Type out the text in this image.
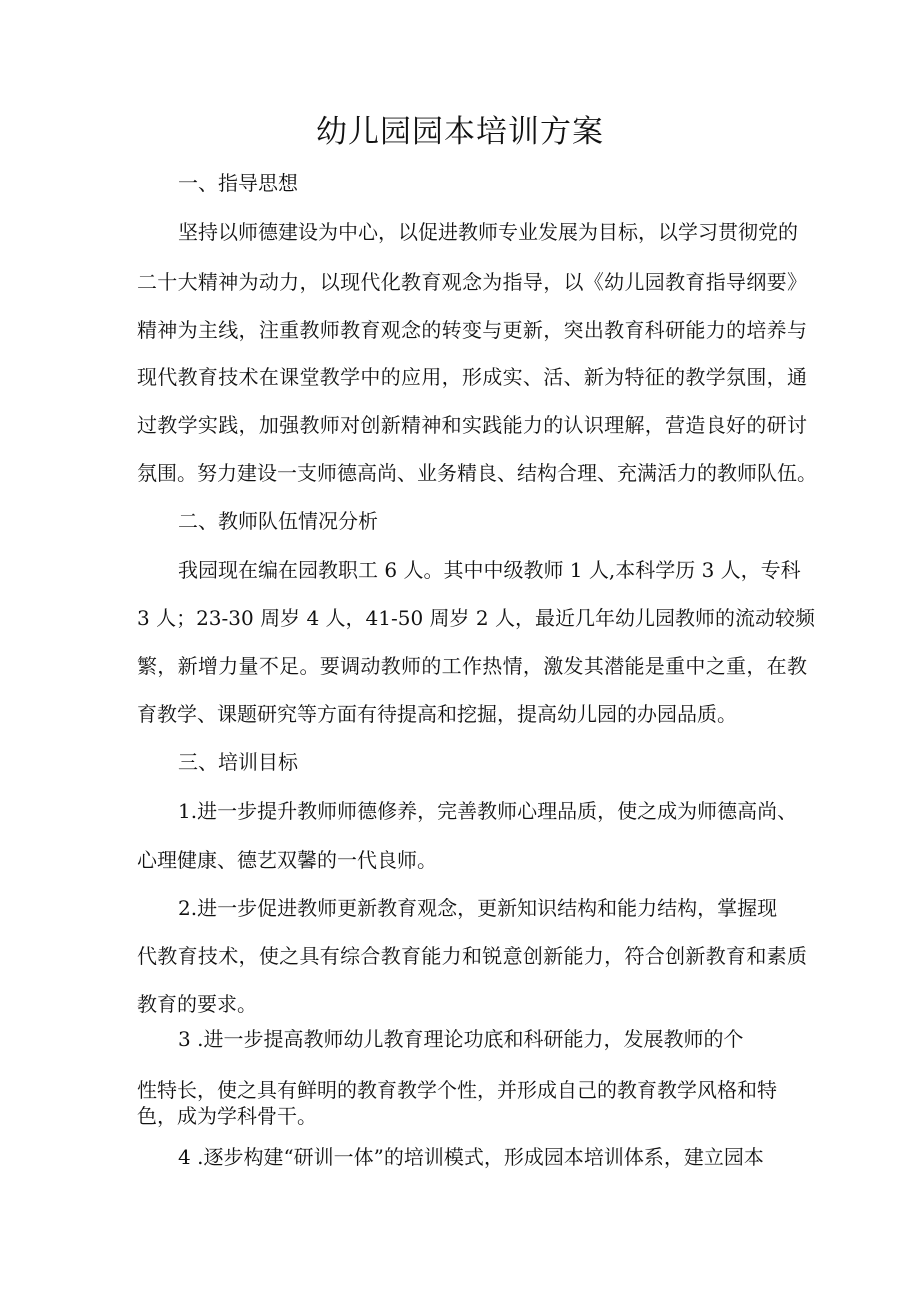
幼儿园园本培训方案
一、指导思想
坚持以师德建设为中心，以促进教师专业发展为目标，以学习贯彻党的
二十大精神为动力，以现代化教育观念为指导，以《幼儿园教育指导纲要》
精神为主线，注重教师教育观念的转变与更新，突出教育科研能力的培养与
现代教育技术在课堂教学中的应用，形成实、活、新为特征的教学氛围，通
过教学实践，加强教师对创新精神和实践能力的认识理解，营造良好的研讨
氛围。努力建设一支师德高尚、业务精良、结构合理、充满活力的教师队伍。
二、教师队伍情况分析
我园现在编在园教职工 6 人。其中中级教师 1 人,本科学历 3 人，专科
3 人；23-30 周岁 4 人，41-50 周岁 2 人，最近几年幼儿园教师的流动较频
繁，新增力量不足。要调动教师的工作热情，激发其潜能是重中之重，在教
育教学、课题研究等方面有待提高和挖掘，提高幼儿园的办园品质。
三、培训目标
1.进一步提升教师师德修养，完善教师心理品质，使之成为师德高尚、
心理健康、德艺双馨的一代良师。
2.进一步促进教师更新教育观念，更新知识结构和能力结构，掌握现
代教育技术，使之具有综合教育能力和锐意创新能力，符合创新教育和素质
教育的要求。
3 .进一步提高教师幼儿教育理论功底和科研能力，发展教师的个
性特长，使之具有鲜明的教育教学个性，并形成自己的教育教学风格和特
色，成为学科骨干。
4 .逐步构建“研训一体”的培训模式，形成园本培训体系，建立园本
